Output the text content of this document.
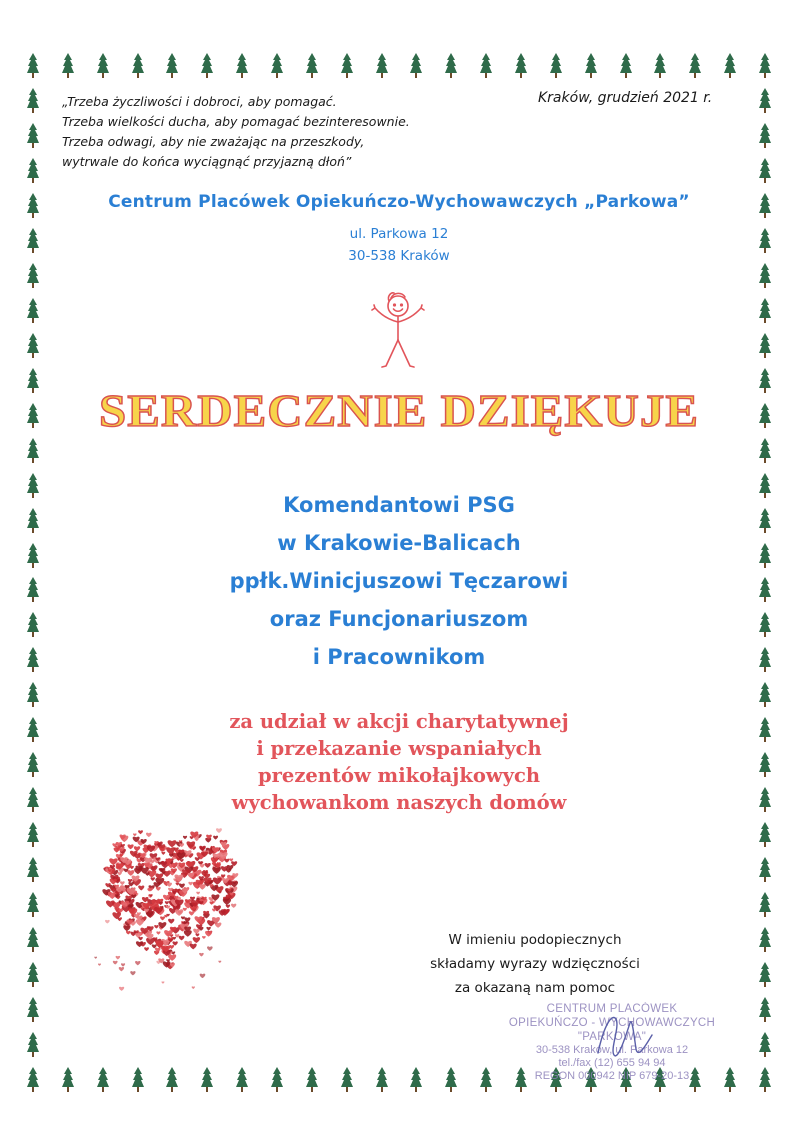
„Trzeba życzliwości i dobroci, aby pomagać.
Trzeba wielkości ducha, aby pomagać bezinteresownie.
Trzeba odwagi, aby nie zważając na przeszkody,
wytrwale do końca wyciągnąć przyjazną dłoń”
Kraków, grudzień 2021 r.
Centrum Placówek Opiekuńczo-Wychowawczych „Parkowa”
ul. Parkowa 12
30-538 Kraków
SERDECZNIE DZIĘKUJE
Komendantowi PSG
w Krakowie-Balicach
ppłk.Winicjuszowi Tęczarowi
oraz Funcjonariuszom
i Pracownikom
za udział w akcji charytatywnej
i przekazanie wspaniałych
prezentów mikołajkowych
wychowankom naszych domów
W imieniu podopiecznych
składamy wyrazy wdzięczności
za okazaną nam pomoc
CENTRUM PLACÓWEK
OPIEKUŃCZO - WYCHOWAWCZYCH
"PARKOWA"
30-538 Kraków, ul. Parkowa 12
tel./fax (12) 655 94 94
REGON 000942 NIP 679-20-13
